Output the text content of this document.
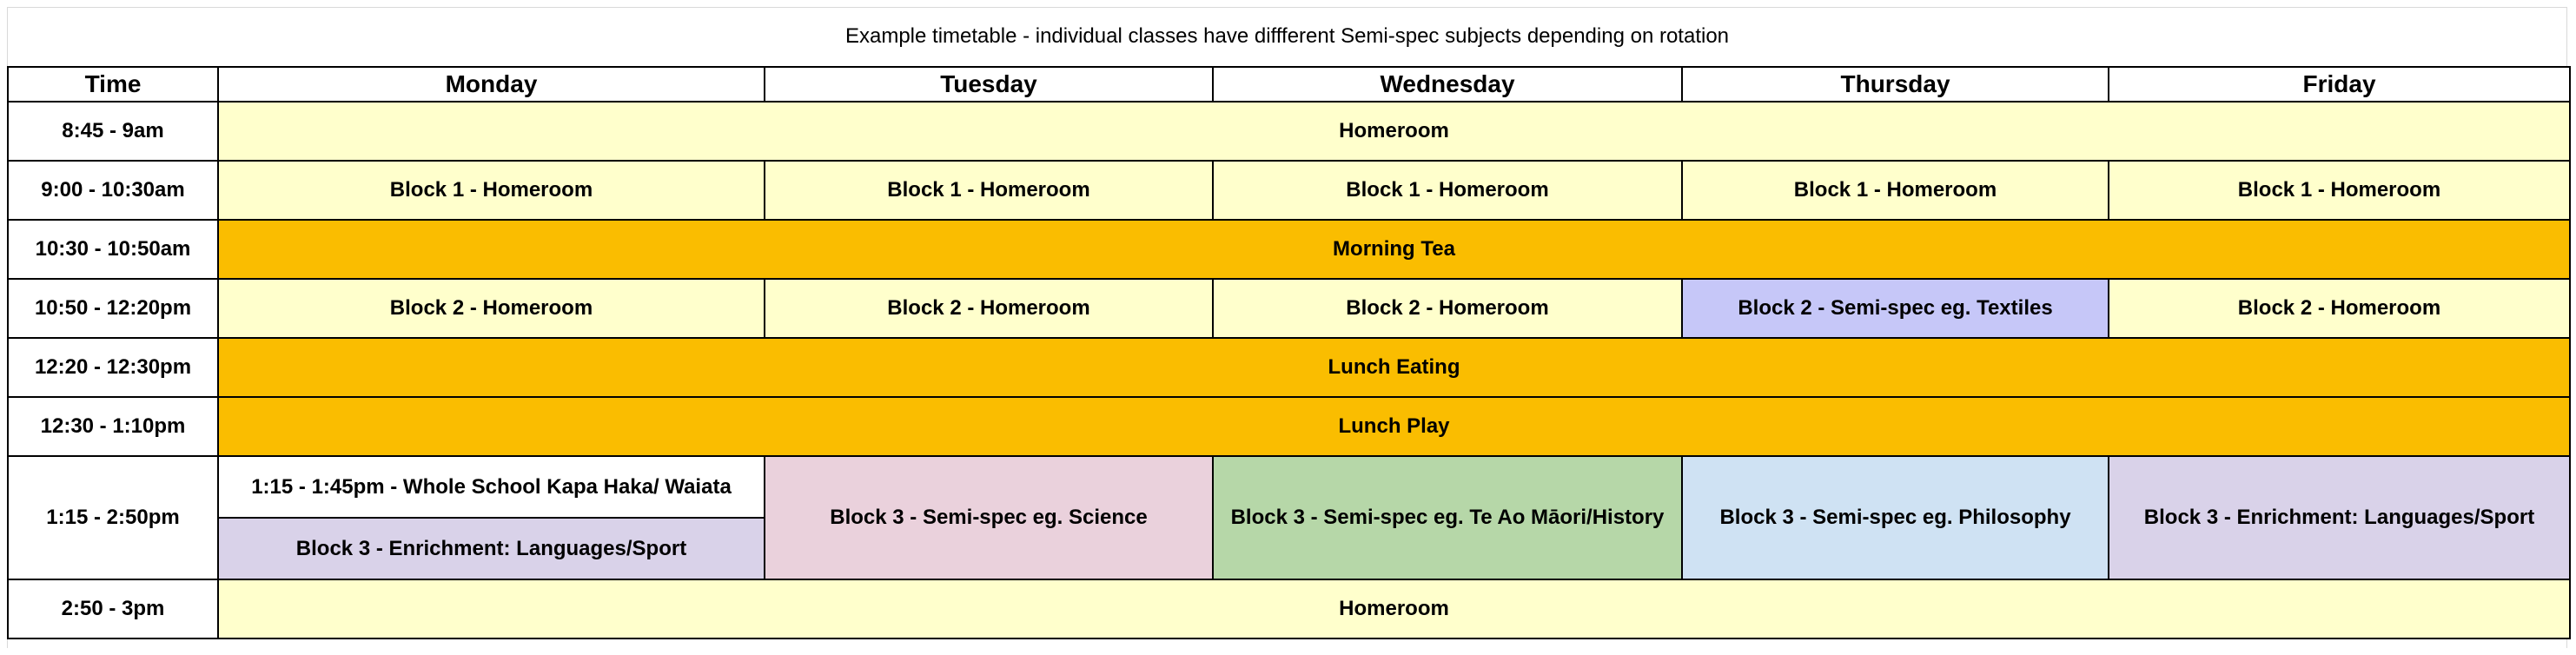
Example timetable - individual classes have diffferent Semi-spec subjects depending on rotation
Time	Monday	Tuesday	Wednesday	Thursday	Friday
8:45 - 9am	Homeroom				
9:00 - 10:30am	Block 1 - Homeroom	Block 1 - Homeroom	Block 1 - Homeroom	Block 1 - Homeroom	Block 1 - Homeroom
10:30 - 10:50am	Morning Tea				
10:50 - 12:20pm	Block 2 - Homeroom	Block 2 - Homeroom	Block 2 - Homeroom	Block 2 - Semi-spec eg. Textiles	Block 2 - Homeroom
12:20 - 12:30pm	Lunch Eating				
12:30 - 1:10pm	Lunch Play				
1:15 - 2:50pm	1:15 - 1:45pm - Whole School Kapa Haka/ Waiata	Block 3 - Semi-spec eg. Science	Block 3 - Semi-spec eg. Te Ao Māori/History	Block 3 - Semi-spec eg. Philosophy	Block 3 - Enrichment: Languages/Sport
	Block 3 - Enrichment: Languages/Sport				
2:50 - 3pm	Homeroom				
